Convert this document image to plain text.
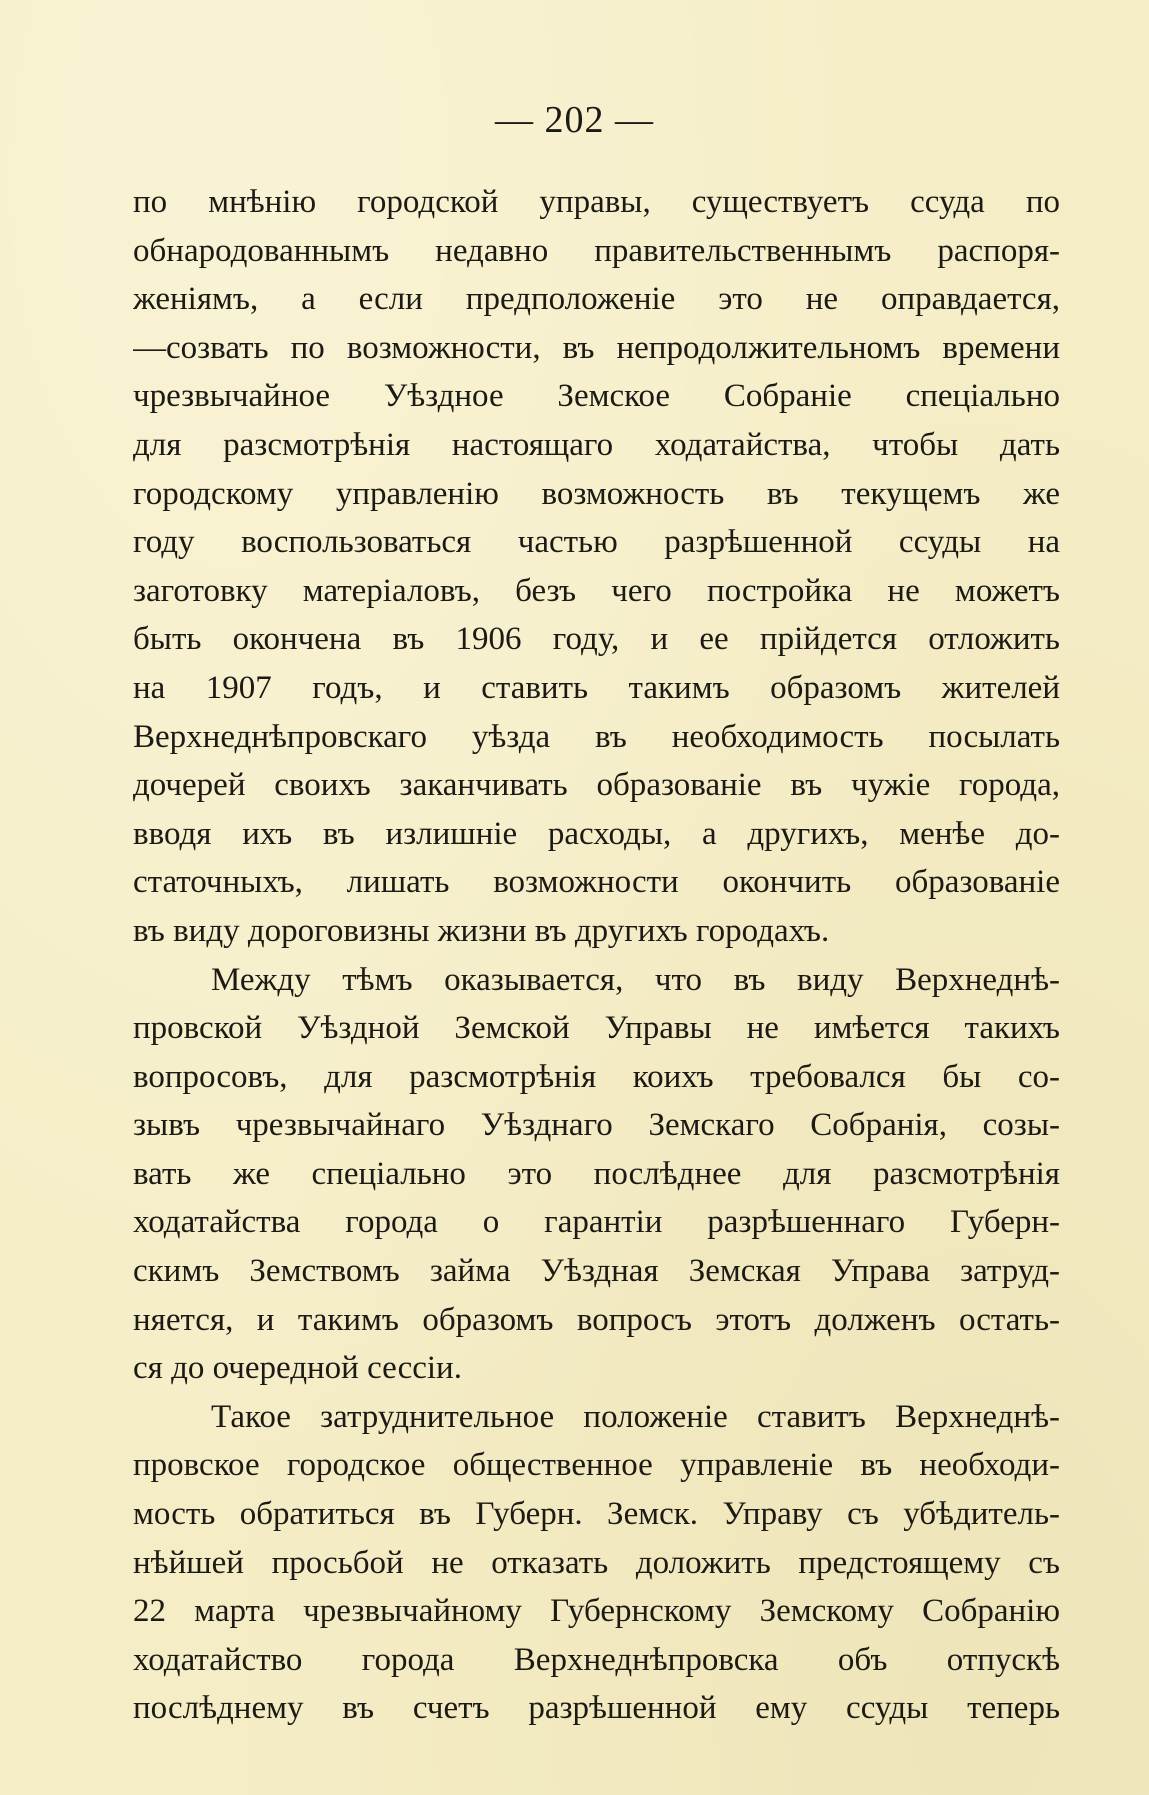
— 202 —
по мнѣнію городской управы, существуетъ ссуда по
обнародованнымъ недавно правительственнымъ распоря-
женіямъ, а если предположеніе это не оправдается,
—созвать по возможности, въ непродолжительномъ времени
чрезвычайное Уѣздное Земское Собраніе спеціально
для разсмотрѣнія настоящаго ходатайства, чтобы дать
городскому управленію возможность въ текущемъ же
году воспользоваться частью разрѣшенной ссуды на
заготовку матеріаловъ, безъ чего постройка не можетъ
быть окончена въ 1906 году, и ее прійдется отложить
на 1907 годъ, и ставить такимъ образомъ жителей
Верхнеднѣпровскаго уѣзда въ необходимость посылать
дочерей своихъ заканчивать образованіе въ чужіе города,
вводя ихъ въ излишніе расходы, а другихъ, менѣе до-
статочныхъ, лишать возможности окончить образованіе
въ виду дороговизны жизни въ другихъ городахъ.
Между тѣмъ оказывается, что въ виду Верхнеднѣ-
провской Уѣздной Земской Управы не имѣется такихъ
вопросовъ, для разсмотрѣнія коихъ требовался бы со-
зывъ чрезвычайнаго Уѣзднаго Земскаго Собранія, созы-
вать же спеціально это послѣднее для разсмотрѣнія
ходатайства города о гарантіи разрѣшеннаго Губерн-
скимъ Земствомъ займа Уѣздная Земская Управа затруд-
няется, и такимъ образомъ вопросъ этотъ долженъ остать-
ся до очередной сессіи.
Такое затруднительное положеніе ставитъ Верхнеднѣ-
провское городское общественное управленіе въ необходи-
мость обратиться въ Губерн. Земск. Управу съ убѣдитель-
нѣйшей просьбой не отказать доложить предстоящему съ
22 марта чрезвычайному Губернскому Земскому Собранію
ходатайство города Верхнеднѣпровска объ отпускѣ
послѣднему въ счетъ разрѣшенной ему ссуды теперь
